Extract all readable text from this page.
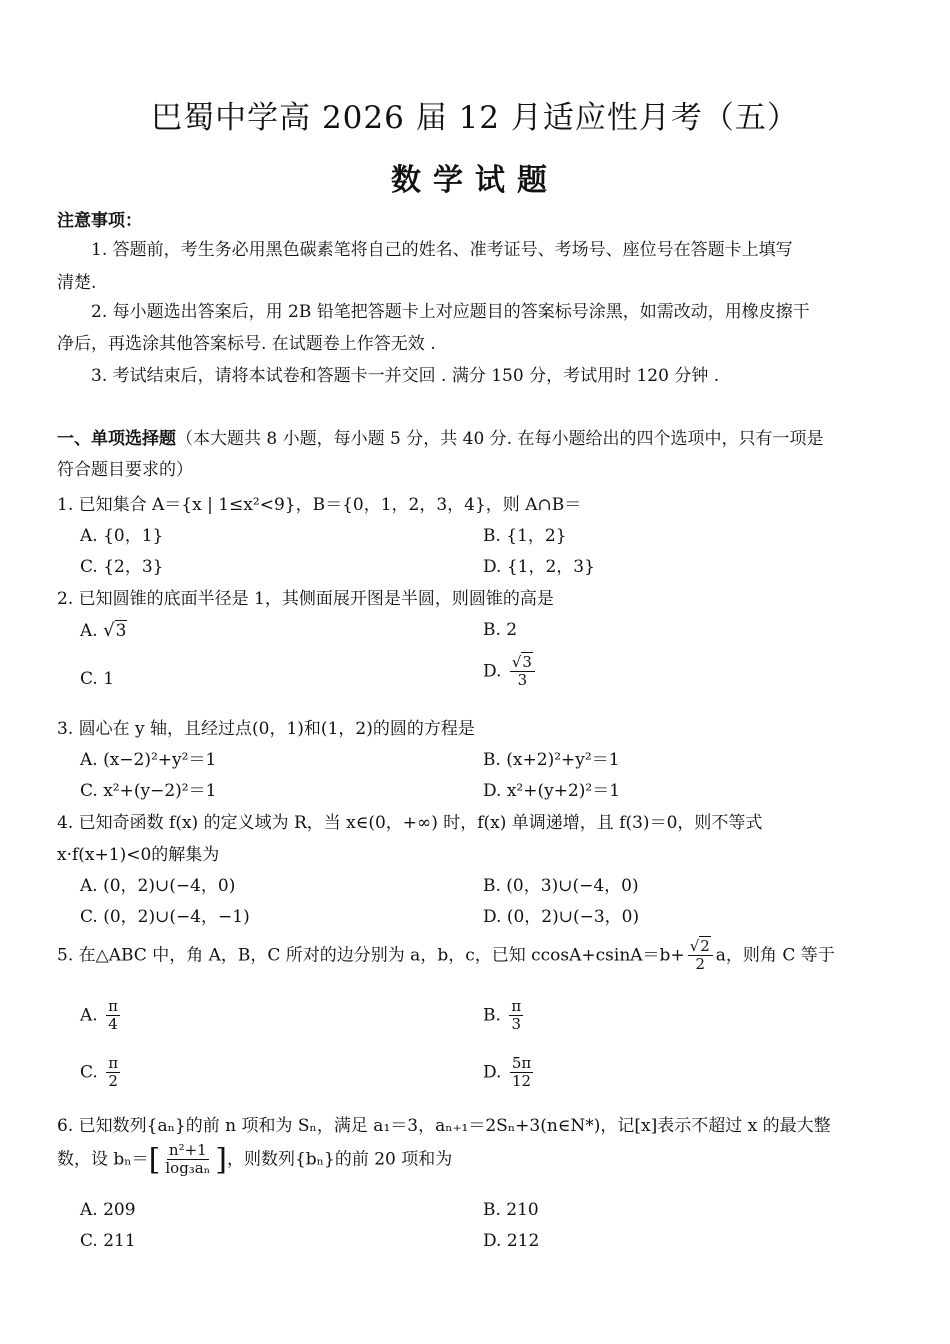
巴蜀中学高 2026 届 12 月适应性月考（五）
数学试题
注意事项：
1. 答题前，考生务必用黑色碳素笔将自己的姓名、准考证号、考场号、座位号在答题卡上填写
清楚.
2. 每小题选出答案后，用 2B 铅笔把答题卡上对应题目的答案标号涂黑，如需改动，用橡皮擦干
净后，再选涂其他答案标号. 在试题卷上作答无效 .
3. 考试结束后，请将本试卷和答题卡一并交回 . 满分 150 分，考试用时 120 分钟 .
一、单项选择题（本大题共 8 小题，每小题 5 分，共 40 分. 在每小题给出的四个选项中，只有一项是
符合题目要求的）
1. 已知集合 A＝{x | 1≤x²<9}，B＝{0，1，2，3，4}，则 A∩B＝
A. {0，1}	B. {1，2}
C. {2，3}	D. {1，2，3}
2. 已知圆锥的底面半径是 1，其侧面展开图是半圆，则圆锥的高是
A. √3	B. 2
C. 1	D. $\frac{√3}{3}$
3. 圆心在 y 轴，且经过点(0，1)和(1，2)的圆的方程是
A. (x−2)²+y²＝1	B. (x+2)²+y²＝1
C. x²+(y−2)²＝1	D. x²+(y+2)²＝1
4. 已知奇函数 f(x) 的定义域为 R，当 x∈(0，+∞) 时，f(x) 单调递增，且 f(3)＝0，则不等式
x·f(x+1)<0的解集为
A. (0，2)∪(−4，0)	B. (0，3)∪(−4，0)
C. (0，2)∪(−4，−1)	D. (0，2)∪(−3，0)
5. 在△ABC 中，角 A，B，C 所对的边分别为 a，b，c，已知 $ccosA+csinA=b+ \frac{√2}{2}$ a，则角 C 等于
A. $\frac{\pi}{4}$	B. $\frac{\pi}{3}$
C. $\frac{\pi}{2}$	D. $\frac{5\pi}{12}$
6. 已知数列{aₙ}的前 n 项和为 Sₙ，满足 a₁＝3，aₙ₊₁＝2Sₙ+3(n∈N*)，记[x]表示不超过 x 的最大整
数，设 $b_n=[ \frac{\text{n²+1}}{\text{log₃aₙ}}$ ]，则数列{bₙ}的前 20 项和为
A. 209	B. 210
C. 211	D. 212
